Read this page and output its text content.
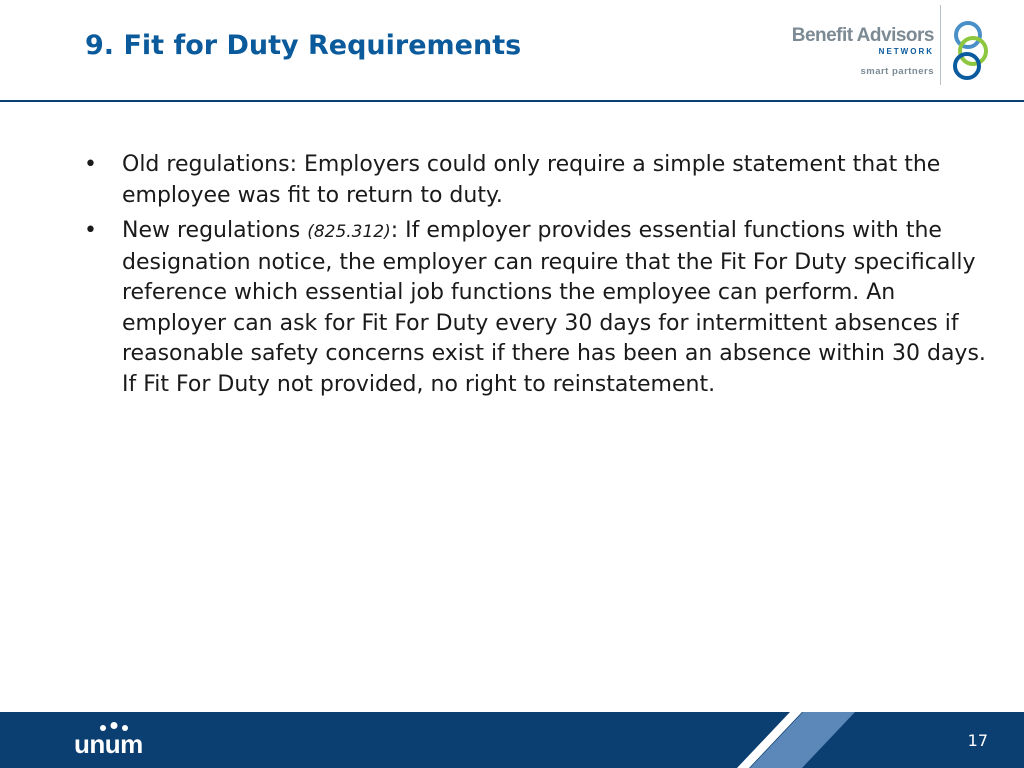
9. Fit for Duty Requirements	Benefit Advisors
NETWORK
smart partners
•	Old regulations: Employers could only require a simple statement that the employee was fit to return to duty.
•	New regulations (825.312): If employer provides essential functions with the designation notice, the employer can require that the Fit For Duty specifically reference which essential job functions the employee can perform. An employer can ask for Fit For Duty every 30 days for intermittent absences if reasonable safety concerns exist if there has been an absence within 30 days. If Fit For Duty not provided, no right to reinstatement.
unum	17
